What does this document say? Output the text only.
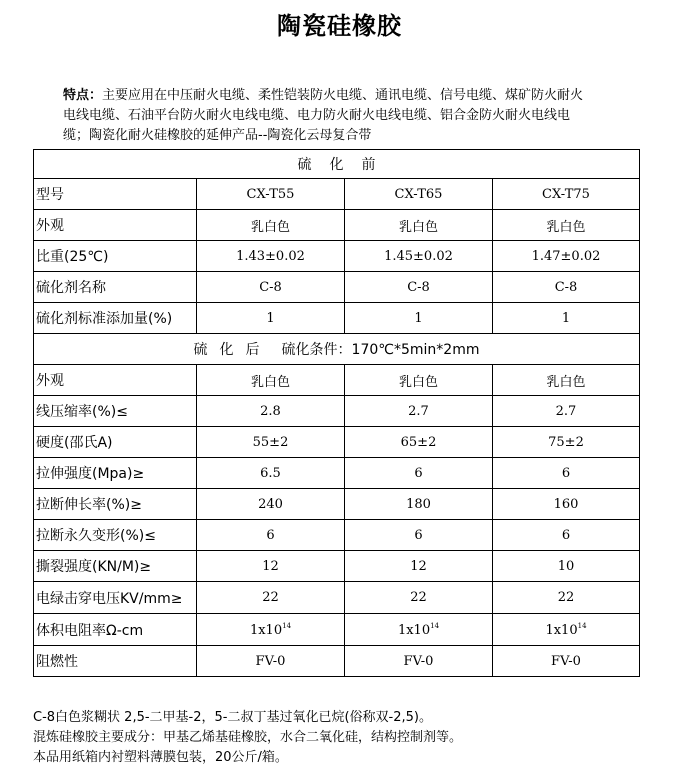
陶瓷硅橡胶
特点：主要应用在中压耐火电缆、柔性铠装防火电缆、通讯电缆、信号电缆、煤矿防火耐火电线电缆、石油平台防火耐火电线电缆、电力防火耐火电线电缆、铝合金防火耐火电线电缆；陶瓷化耐火硅橡胶的延伸产品--陶瓷化云母复合带
硫化前			
型号	CX-T55	CX-T65	CX-T75
外观	乳白色	乳白色	乳白色
比重(25℃)	1.43±0.02	1.45±0.02	1.47±0.02
硫化剂名称	C-8	C-8	C-8
硫化剂标准添加量(%)	1	1	1
硫化后 硫化条件：170℃*5min*2mm			
外观	乳白色	乳白色	乳白色
线压缩率(%)≤	2.8	2.7	2.7
硬度(邵氏A)	55±2	65±2	75±2
拉伸强度(Mpa)≥	6.5	6	6
拉断伸长率(%)≥	240	180	160
拉断永久变形(%)≤	6	6	6
撕裂强度(KN/M)≥	12	12	10
电绿击穿电压KV/mm≥	22	22	22
体积电阻率Ω-cm	$1x10^{14}$	$1x10^{14}$	$1x10^{14}$
阻燃性	FV-0	FV-0	FV-0
C-8白色浆糊状 2,5-二甲基-2，5-二叔丁基过氧化已烷(俗称双-2,5)。
混炼硅橡胶主要成分：甲基乙烯基硅橡胶，水合二氧化硅，结构控制剂等。
本品用纸箱内衬塑料薄膜包装，20公斤/箱。
